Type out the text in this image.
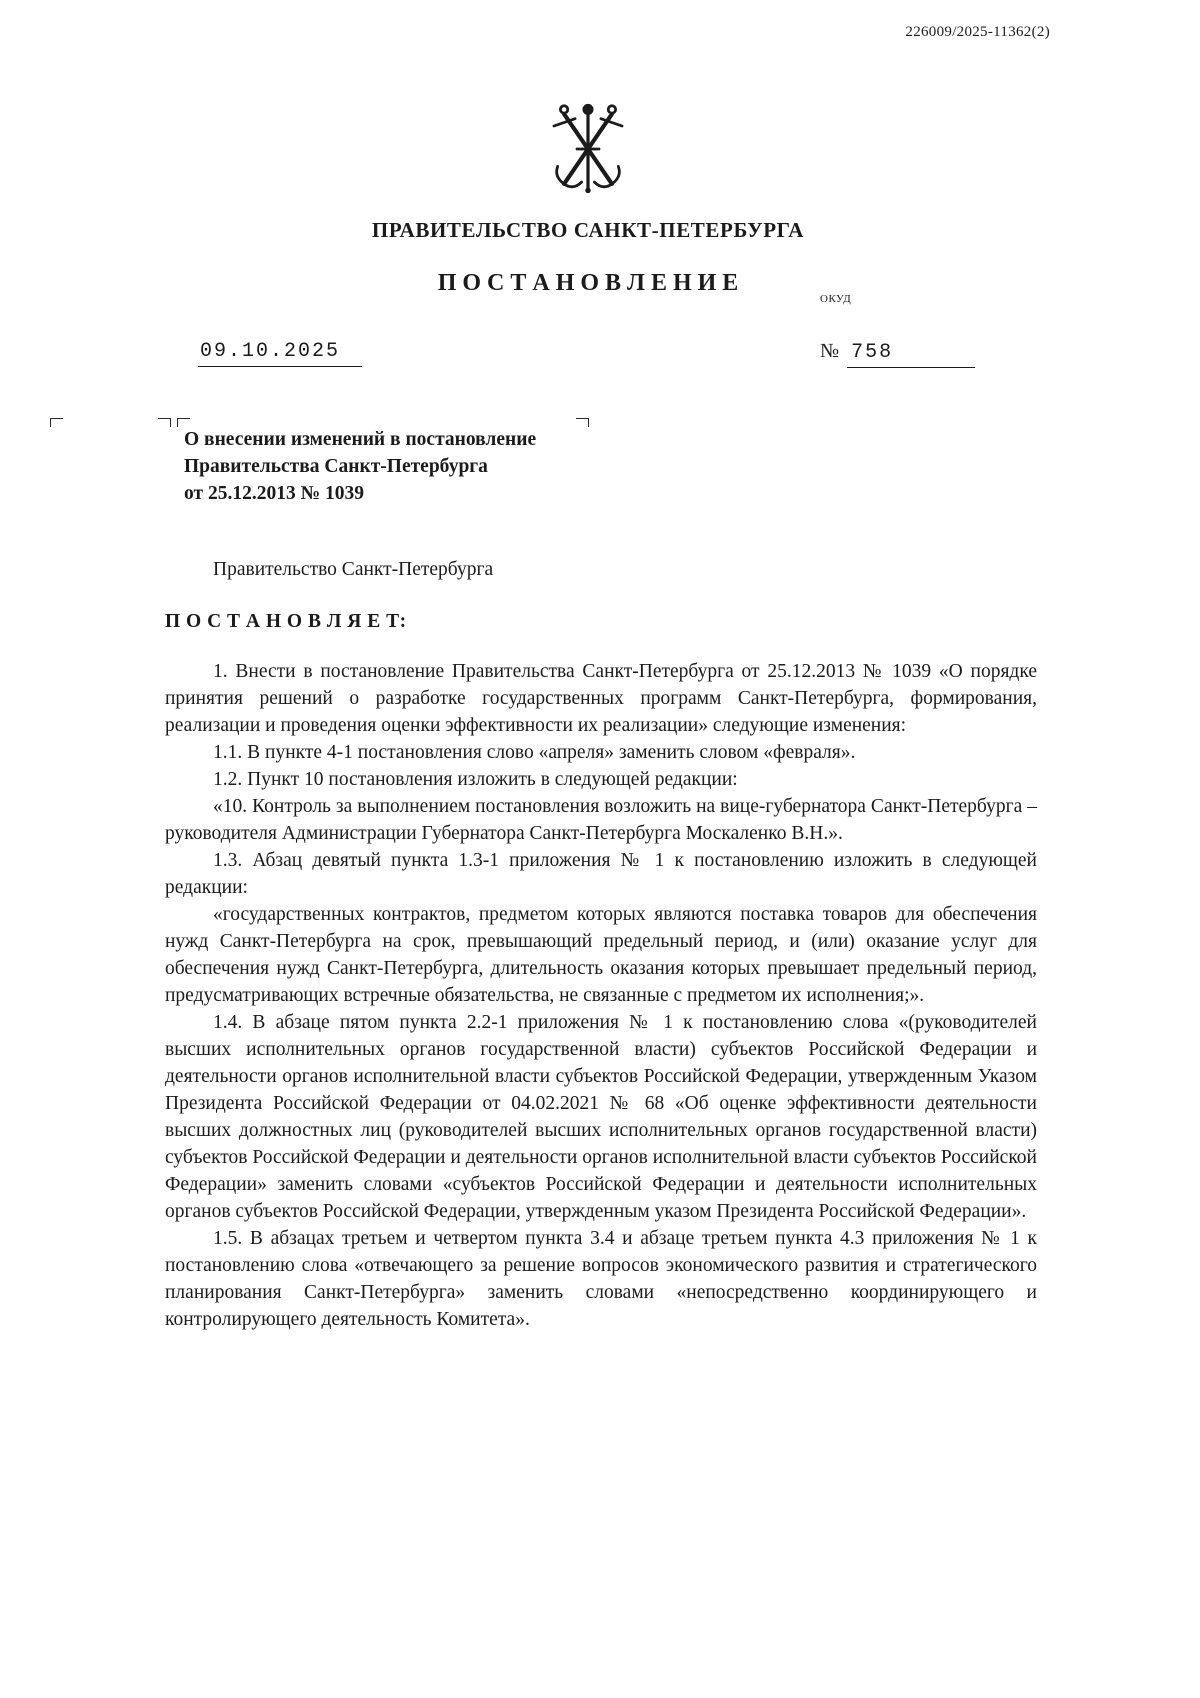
226009/2025-11362(2)
ПРАВИТЕЛЬСТВО САНКТ-ПЕТЕРБУРГА
П О С Т А Н О В Л Е Н И Е
ОКУД
09.10.2025	№ 758
О внесении изменений в постановление
Правительства Санкт-Петербурга
от 25.12.2013 № 1039

Правительство Санкт-Петербурга

П О С Т А Н О В Л Я Е Т:

1. Внести в постановление Правительства Санкт-Петербурга от 25.12.2013 № 1039 «О порядке принятия решений о разработке государственных программ Санкт-Петербурга, формирования, реализации и проведения оценки эффективности их реализации» следующие изменения:

1.1. В пункте 4-1 постановления слово «апреля» заменить словом «февраля».

1.2. Пункт 10 постановления изложить в следующей редакции:

«10. Контроль за выполнением постановления возложить на вице-губернатора Санкт-Петербурга – руководителя Администрации Губернатора Санкт-Петербурга Москаленко В.Н.».

1.3. Абзац девятый пункта 1.3-1 приложения № 1 к постановлению изложить в следующей редакции:

«государственных контрактов, предметом которых являются поставка товаров для обеспечения нужд Санкт-Петербурга на срок, превышающий предельный период, и (или) оказание услуг для обеспечения нужд Санкт-Петербурга, длительность оказания которых превышает предельный период, предусматривающих встречные обязательства, не связанные с предметом их исполнения;».

1.4. В абзаце пятом пункта 2.2-1 приложения № 1 к постановлению слова «(руководителей высших исполнительных органов государственной власти) субъектов Российской Федерации и деятельности органов исполнительной власти субъектов Российской Федерации, утвержденным Указом Президента Российской Федерации от 04.02.2021 № 68 «Об оценке эффективности деятельности высших должностных лиц (руководителей высших исполнительных органов государственной власти) субъектов Российской Федерации и деятельности органов исполнительной власти субъектов Российской Федерации» заменить словами «субъектов Российской Федерации и деятельности исполнительных органов субъектов Российской Федерации, утвержденным указом Президента Российской Федерации».

1.5. В абзацах третьем и четвертом пункта 3.4 и абзаце третьем пункта 4.3 приложения № 1 к постановлению слова «отвечающего за решение вопросов экономического развития и стратегического планирования Санкт-Петербурга» заменить словами «непосредственно координирующего и контролирующего деятельность Комитета».
